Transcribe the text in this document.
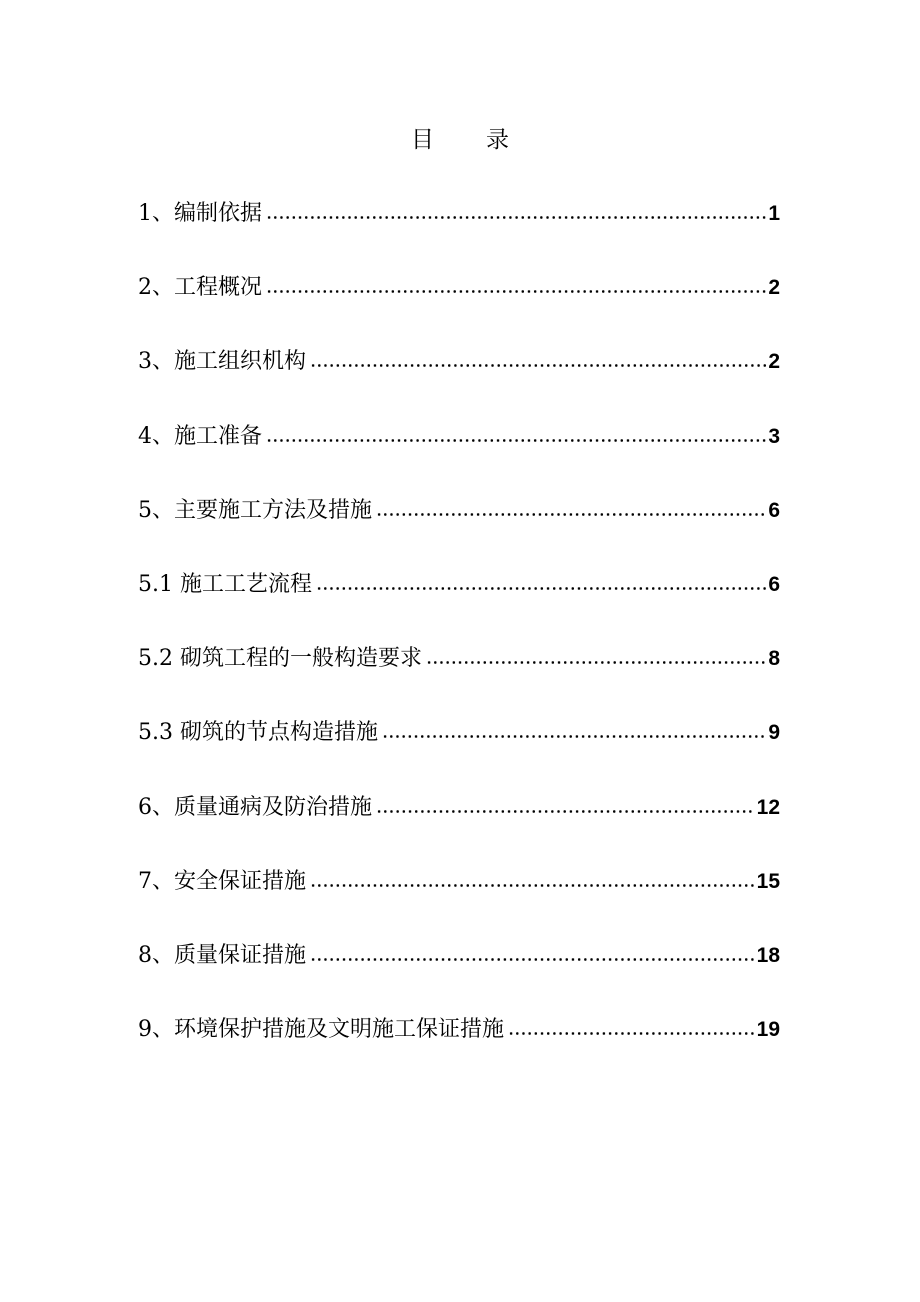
目 录
1、编制依据	1
2、工程概况	2
3、施工组织机构	2
4、施工准备	3
5、主要施工方法及措施	6
5.1 施工工艺流程	6
5.2 砌筑工程的一般构造要求	8
5.3 砌筑的节点构造措施	9
6、质量通病及防治措施	12
7、安全保证措施	15
8、质量保证措施	18
9、环境保护措施及文明施工保证措施	19
